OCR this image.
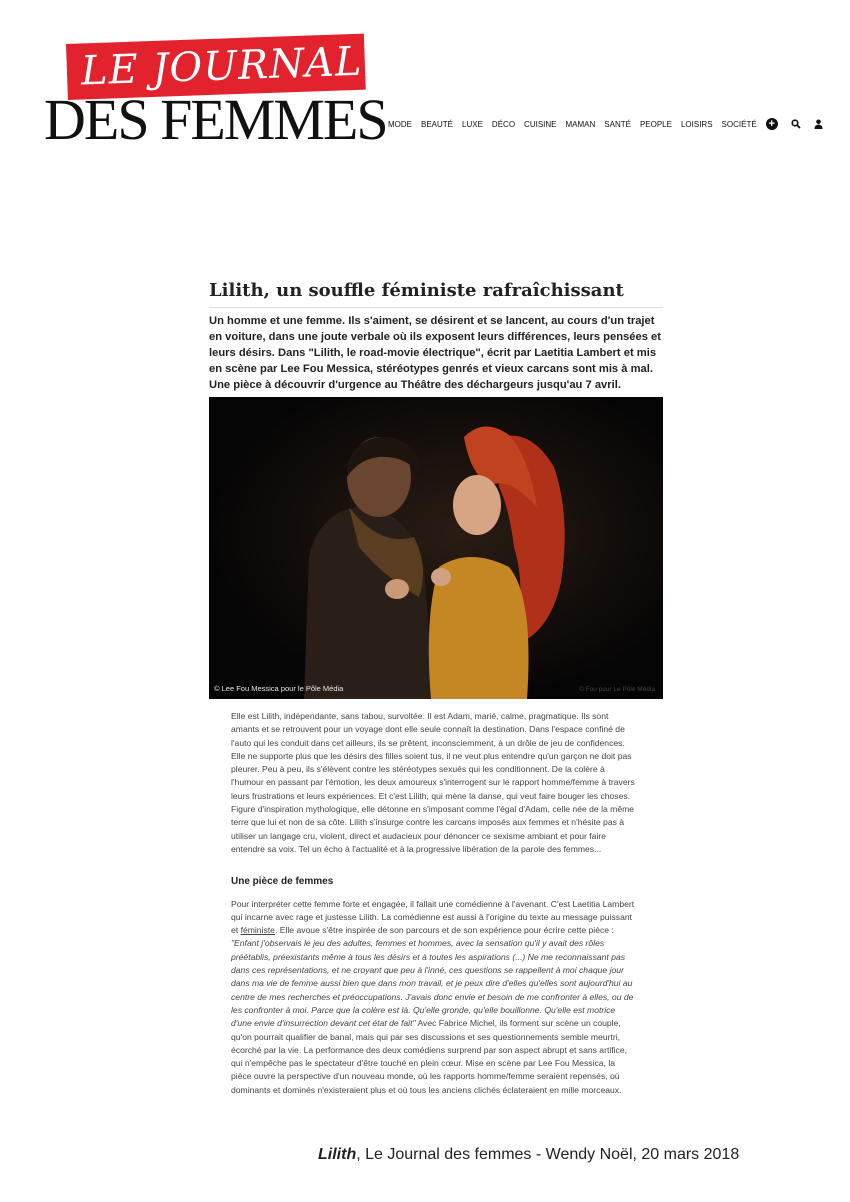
LE JOURNAL
DES FEMMES MODE BEAUTÉ LUXE DÉCO CUISINE MAMAN SANTÉ PEOPLE LOISIRS SOCIÉTÉ +
Lilith, un souffle féministe rafraîchissant

Un homme et une femme. Ils s'aiment, se désirent et se lancent, au cours d'un trajet en voiture, dans une joute verbale où ils exposent leurs différences, leurs pensées et leurs désirs. Dans "Lilith, le road-movie électrique", écrit par Laetitia Lambert et mis en scène par Lee Fou Messica, stéréotypes genrés et vieux carcans sont mis à mal. Une pièce à découvrir d'urgence au Théâtre des déchargeurs jusqu'au 7 avril.

© Lee Fou Messica pour le Pôle Média	© Fou pour Le Pôle Média

Elle est Lilith, indépendante, sans tabou, survoltée. Il est Adam, marié, calme, pragmatique. Ils sont amants et se retrouvent pour un voyage dont elle seule connaît la destination. Dans l'espace confiné de l'auto qui les conduit dans cet ailleurs, ils se prêtent, inconsciemment, à un drôle de jeu de confidences. Elle ne supporte plus que les désirs des filles soient tus, il ne veut plus entendre qu'un garçon ne doit pas pleurer. Peu à peu, ils s'élèvent contre les stéréotypes sexués qui les conditionnent. De la colère à l'humour en passant par l'émotion, les deux amoureux s'interrogent sur le rapport homme/femme à travers leurs frustrations et leurs expériences. Et c'est Lilith, qui mène la danse, qui veut faire bouger les choses. Figure d'inspiration mythologique, elle détonne en s'imposant comme l'égal d'Adam, celle née de la même terre que lui et non de sa côte. Lilith s'insurge contre les carcans imposés aux femmes et n'hésite pas à utiliser un langage cru, violent, direct et audacieux pour dénoncer ce sexisme ambiant et pour faire entendre sa voix. Tel un écho à l'actualité et à la progressive libération de la parole des femmes...

Une pièce de femmes

Pour interpréter cette femme forte et engagée, il fallait une comédienne à l'avenant. C'est Laetitia Lambert qui incarne avec rage et justesse Lilith. La comédienne est aussi à l'origine du texte au message puissant et féministe. Elle avoue s'être inspirée de son parcours et de son expérience pour écrire cette pièce : "Enfant j'observais le jeu des adultes, femmes et hommes, avec la sensation qu'il y avait des rôles préétablis, préexistants même à tous les désirs et à toutes les aspirations (...) Ne me reconnaissant pas dans ces représentations, et ne croyant que peu à l'inné, ces questions se rappellent à moi chaque jour dans ma vie de femme aussi bien que dans mon travail, et je peux dire d'elles qu'elles sont aujourd'hui au centre de mes recherches et préoccupations. J'avais donc envie et besoin de me confronter à elles, ou de les confronter à moi. Parce que la colère est là. Qu'elle gronde, qu'elle bouillonne. Qu'elle est motrice d'une envie d'insurrection devant cet état de fait" Avec Fabrice Michel, ils forment sur scène un couple, qu'on pourrait qualifier de banal, mais qui par ses discussions et ses questionnements semble meurtri, écorché par la vie. La performance des deux comédiens surprend par son aspect abrupt et sans artifice, qui n'empêche pas le spectateur d'être touché en plein cœur. Mise en scène par Lee Fou Messica, la pièce ouvre la perspective d'un nouveau monde, où les rapports homme/femme seraient repensés, où dominants et dominés n'existeraient plus et où tous les anciens clichés éclateraient en mille morceaux.

Lilith, Le Journal des femmes - Wendy Noël, 20 mars 2018
